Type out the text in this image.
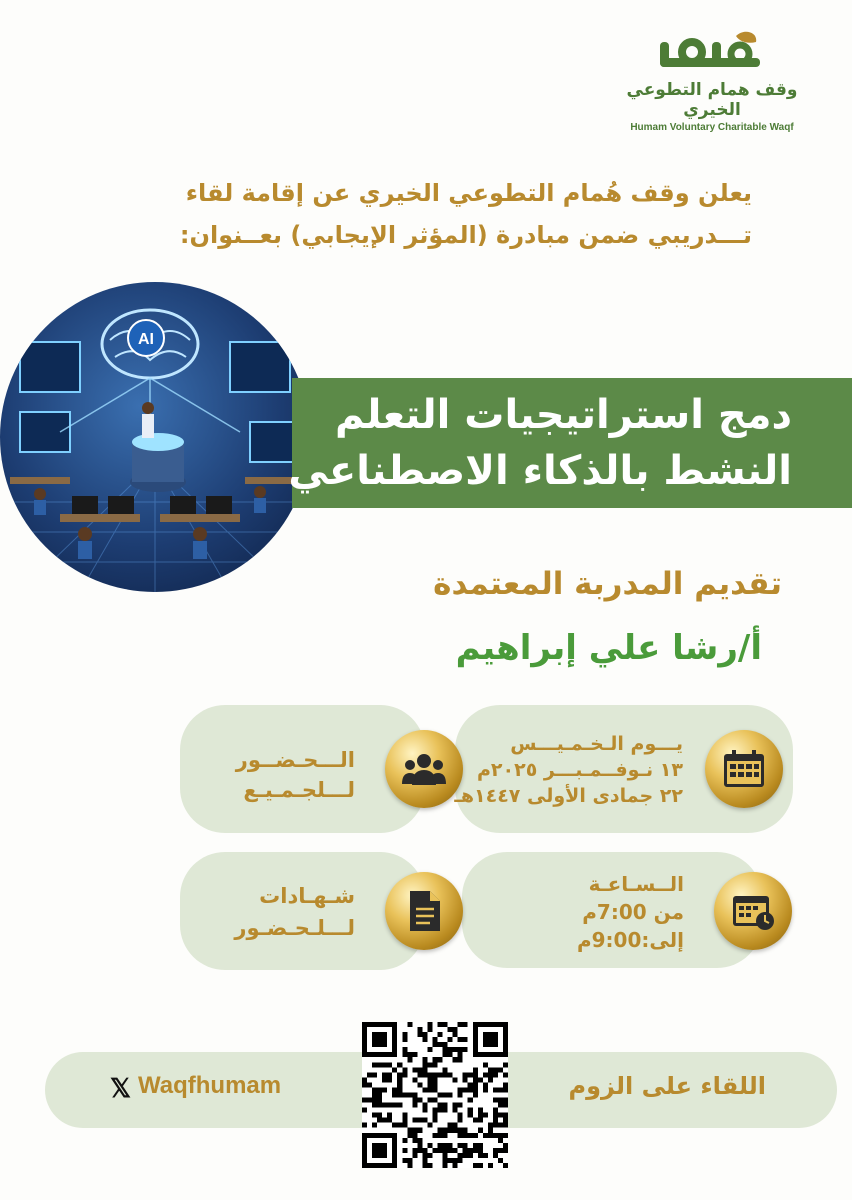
وقف همام التطوعي الخيري
Humam Voluntary Charitable Waqf
يعلن وقف هُمام التطوعي الخيري عن إقامة لقاء
تـــدريبي ضمن مبادرة (المؤثر الإيجابي) بعــنوان:
AI
دمج استراتيجيات التعلم
النشط بالذكاء الاصطناعي
تقديم المدربة المعتمدة
أ/رشا علي إبراهيم
يـــوم الـخـمـيـــس
١٣ نـوفــمـبـــر ٢٠٢٥م
٢٢ جمادى الأولى ١٤٤٧هـ
الـــحـضــور
لـــلجـمـيـع
الــسـاعـة
من 7:00م
إلى:9:00م
شـهـادات
لـــلـحـضـور
اللقاء على الزوم
𝕏 Waqfhumam
